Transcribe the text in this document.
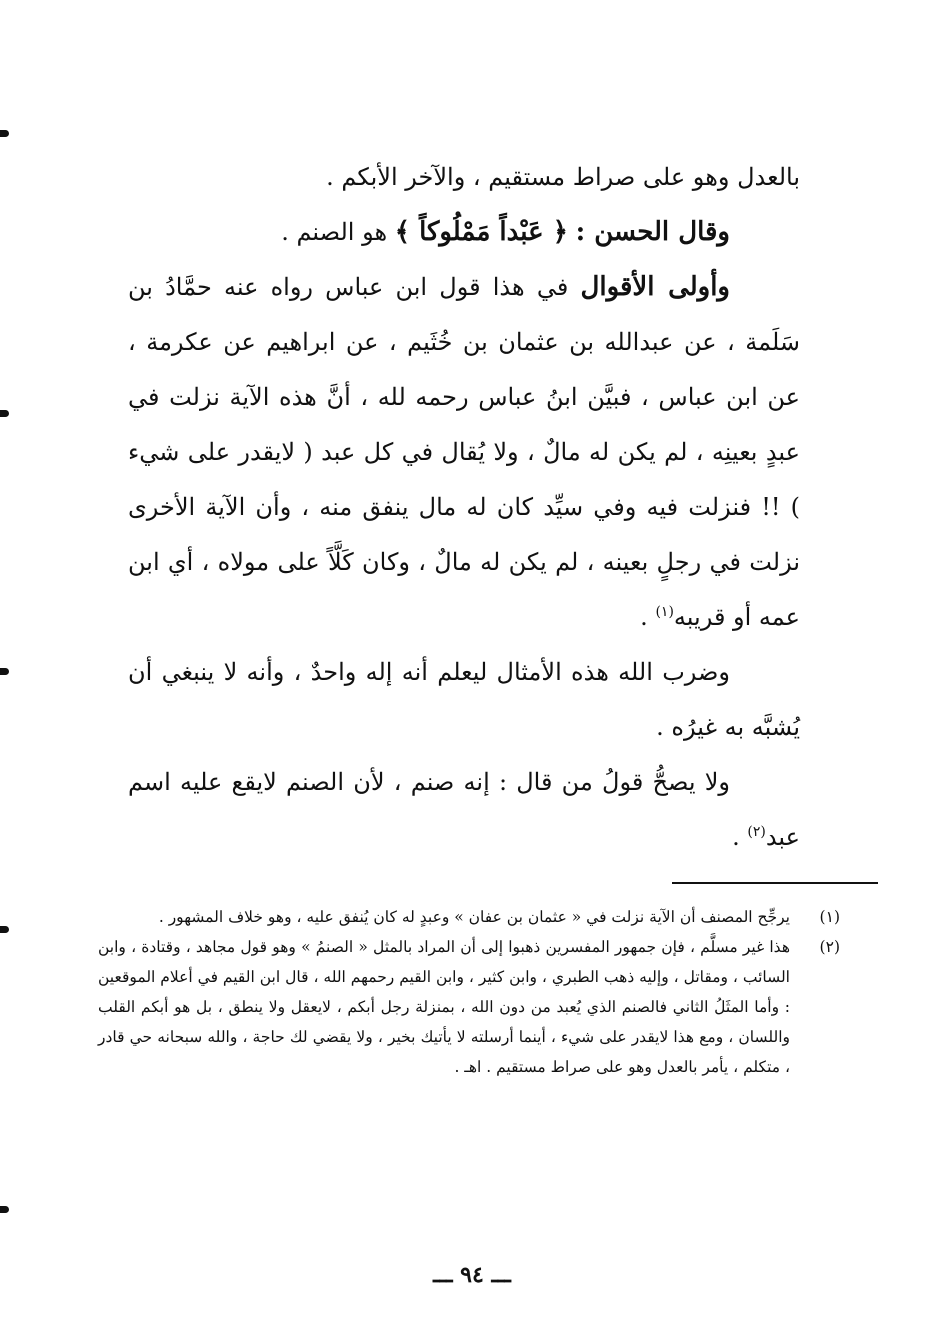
بالعدل وهو على صراط مستقيم ، والآخر الأبكم .

وقال الحسن : ﴿ عَبْداً مَمْلُوكاً ﴾ هو الصنم .

وأولى الأقوال في هذا قول ابن عباس رواه عنه حمَّادُ بن سَلَمة ، عن عبدالله بن عثمان بن خُثَيم ، عن ابراهيم عن عكرمة ، عن ابن عباس ، فبيَّن ابنُ عباس رحمه لله ، أنَّ هذه الآية نزلت في عبدٍ بعينِه ، لم يكن له مالٌ ، ولا يُقال في كل عبد ( لايقدر على شيء ) !! فنزلت فيه وفي سيِّد كان له مال ينفق منه ، وأن الآية الأخرى نزلت في رجلٍ بعينه ، لم يكن له مالٌ ، وكان كَلَّاً على مولاه ، أي ابن عمه أو قريبه$^{(١)}$ .

وضرب الله هذه الأمثال ليعلم أنه إله واحدٌ ، وأنه لا ينبغي أن يُشبَّه به غيرُه .

ولا يصحُّ قولُ من قال : إنه صنم ، لأن الصنم لايقع عليه اسم عبد$^{(٢)}$ .

(١)
يرجِّح المصنف أن الآية نزلت في « عثمان بن عفان » وعبدٍ له كان يُنفق عليه ، وهو خلاف المشهور .
(٢)
هذا غير مسلَّم ، فإن جمهور المفسرين ذهبوا إلى أن المراد بالمثل « الصنمُ » وهو قول مجاهد ، وقتادة ، وابن السائب ، ومقاتل ، وإليه ذهب الطبري ، وابن كثير ، وابن القيم رحمهم الله ، قال ابن القيم في أعلام الموقعين : وأما المثَلُ الثاني فالصنم الذي يُعبد من دون الله ، بمنزلة رجل أبكم ، لايعقل ولا ينطق ، بل هو أبكم القلب واللسان ، ومع هذا لايقدر على شيء ، أينما أرسلته لا يأتيك بخير ، ولا يقضي لك حاجة ، والله سبحانه حي قادر ، متكلم ، يأمر بالعدل وهو على صراط مستقيم . اهـ .
ـــ ٩٤ ـــ
